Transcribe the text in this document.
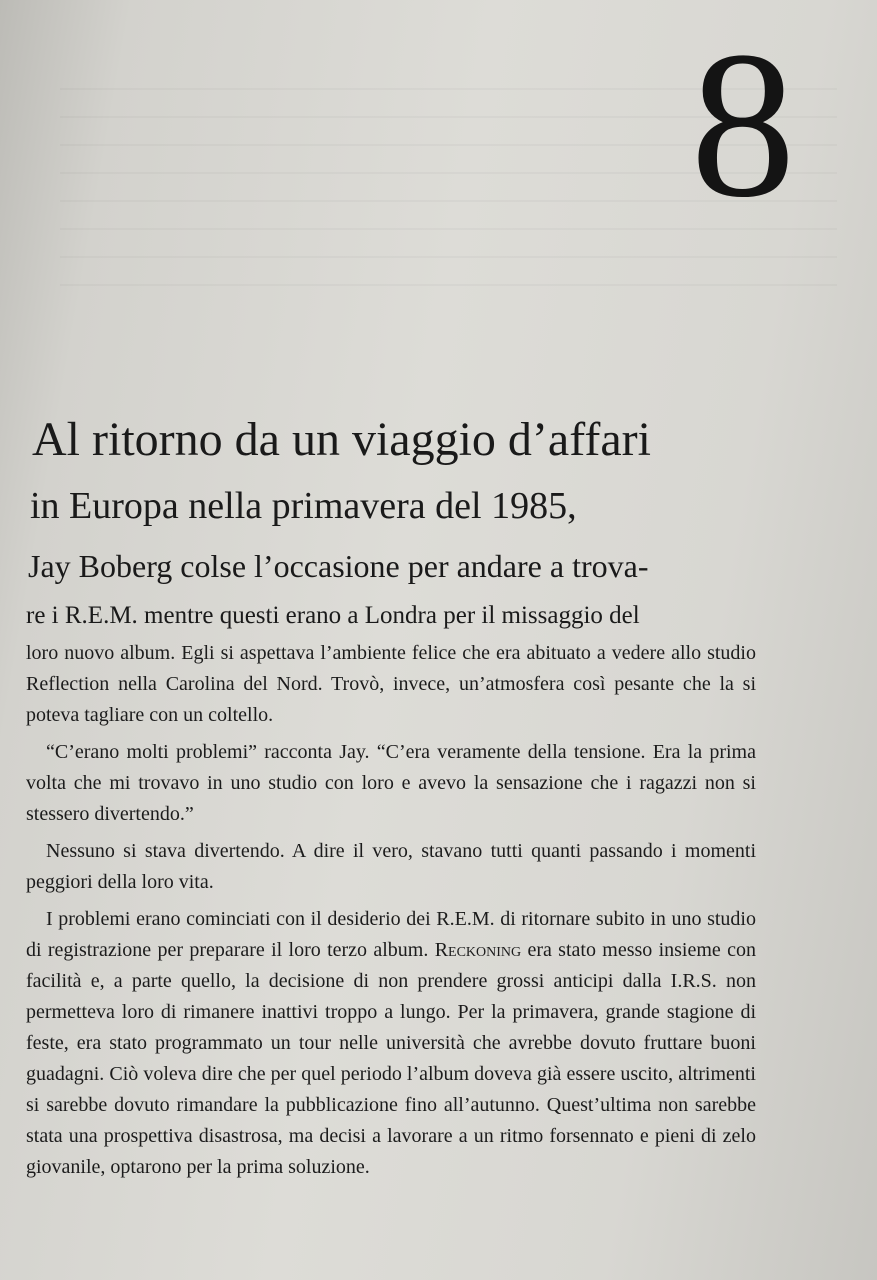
8
Al ritorno da un viaggio d’affari
in Europa nella primavera del 1985,
Jay Boberg colse l’occasione per andare a trova-
re i R.E.M. mentre questi erano a Londra per il missaggio del

loro nuovo album. Egli si aspettava l’ambiente felice che era abituato a vedere allo studio Reflection nella Carolina del Nord. Trovò, invece, un’atmosfera così pesante che la si poteva tagliare con un coltello.

“C’erano molti problemi” racconta Jay. “C’era veramente della tensione. Era la prima volta che mi trovavo in uno studio con loro e avevo la sensazione che i ragazzi non si stessero divertendo.”

Nessuno si stava divertendo. A dire il vero, stavano tutti quanti passando i momenti peggiori della loro vita.

I problemi erano cominciati con il desiderio dei R.E.M. di ritornare subito in uno studio di registrazione per preparare il loro terzo album. Reckoning era stato messo insieme con facilità e, a parte quello, la decisione di non prendere grossi anticipi dalla I.R.S. non permetteva loro di rimanere inattivi troppo a lungo. Per la primavera, grande stagione di feste, era stato programmato un tour nelle università che avrebbe dovuto fruttare buoni guadagni. Ciò voleva dire che per quel periodo l’album doveva già essere uscito, altrimenti si sarebbe dovuto rimandare la pubblicazione fino all’autunno. Quest’ultima non sarebbe stata una prospettiva disastrosa, ma decisi a lavorare a un ritmo forsennato e pieni di zelo giovanile, optarono per la prima soluzione.
